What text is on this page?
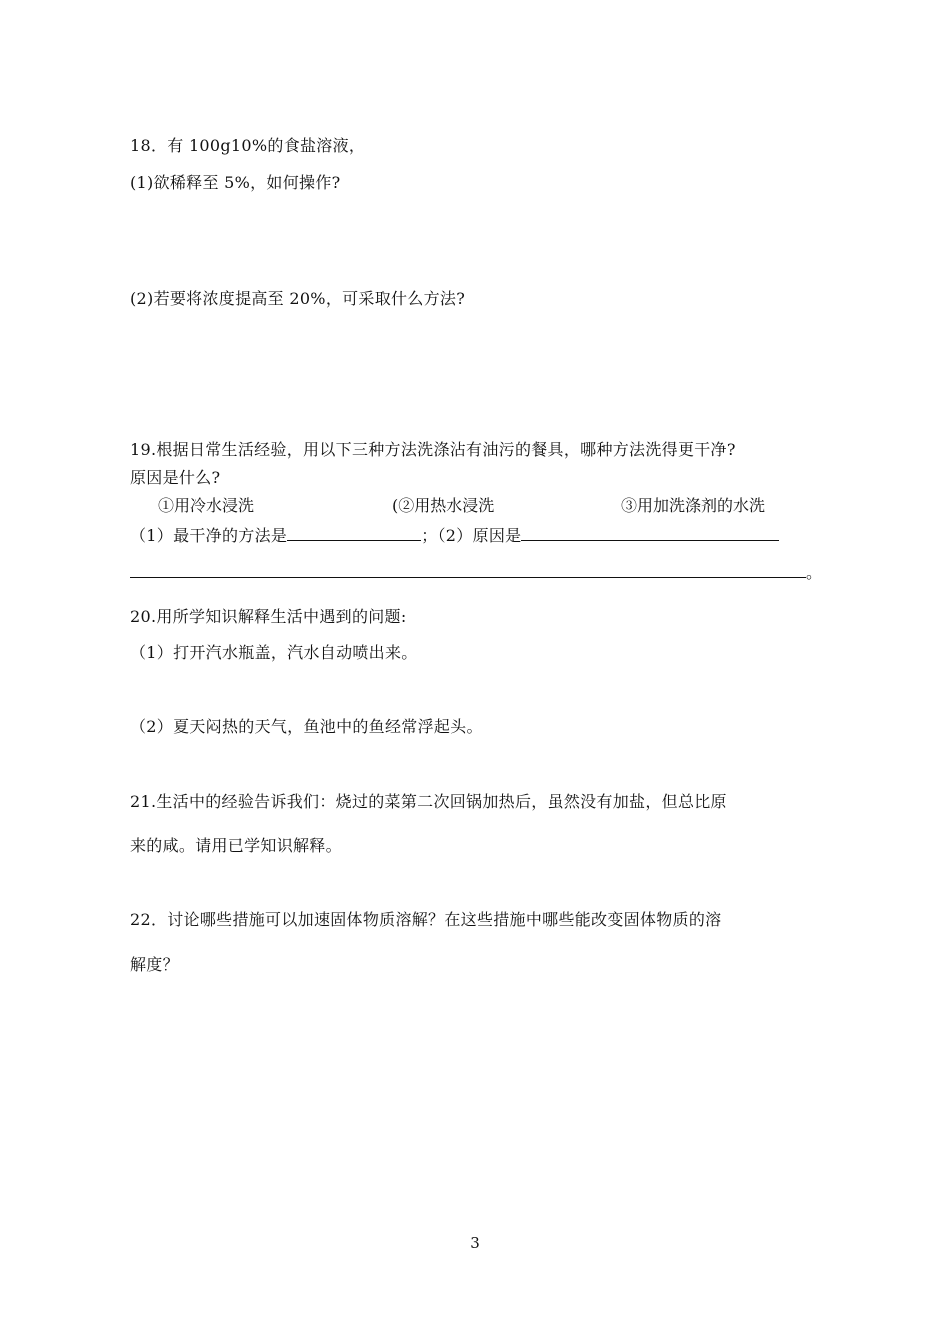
18．有 100g10%的食盐溶液，
(1)欲稀释至 5%，如何操作?
(2)若要将浓度提高至 20%，可采取什么方法?
19.根据日常生活经验，用以下三种方法洗涤沾有油污的餐具，哪种方法洗得更干净?
原因是什么?
①用冷水浸洗	(②用热水浸洗	③用加洗涤剂的水洗
（1）最干净的方法是	；（2）原因是
。
20.用所学知识解释生活中遇到的问题:
（1）打开汽水瓶盖，汽水自动喷出来。
（2）夏天闷热的天气，鱼池中的鱼经常浮起头。
21.生活中的经验告诉我们：烧过的菜第二次回锅加热后，虽然没有加盐，但总比原
来的咸。请用已学知识解释。
22．讨论哪些措施可以加速固体物质溶解？在这些措施中哪些能改变固体物质的溶
解度？
3
